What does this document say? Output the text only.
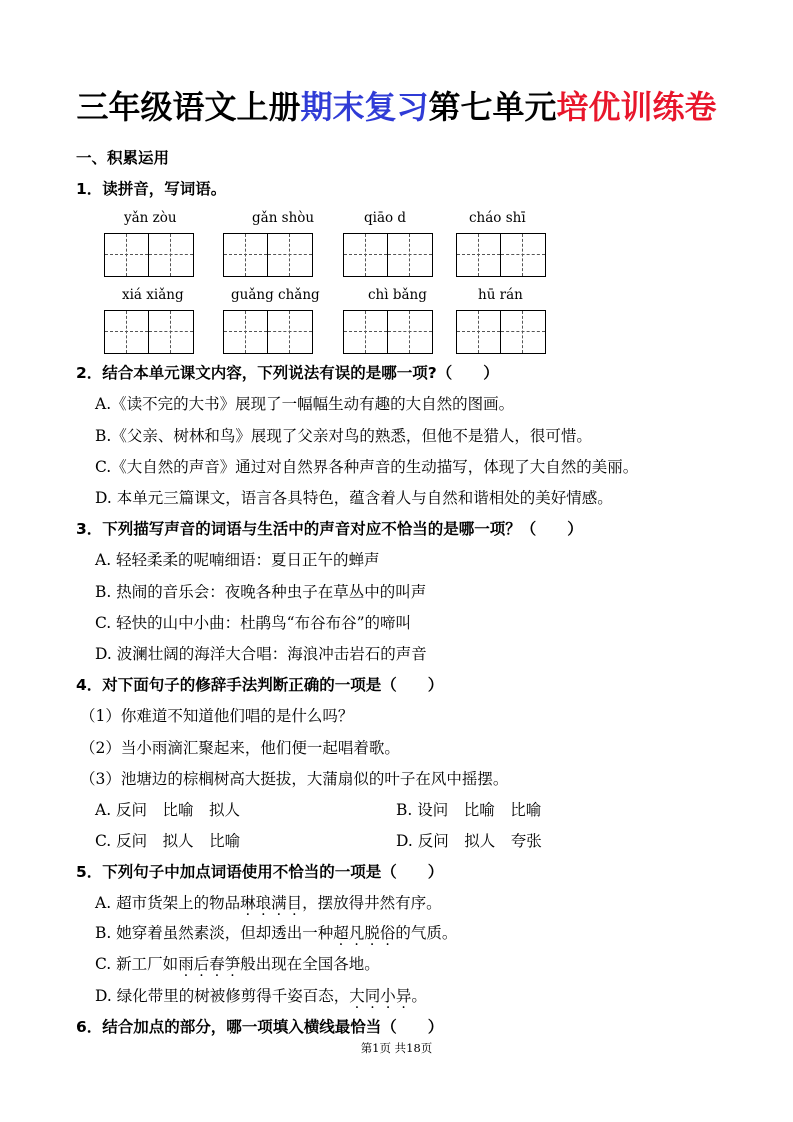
三年级语文上册期末复习第七单元培优训练卷
一、积累运用
1．读拼音，写词语。
yǎn zòu	gǎn shòu	qiāo d	cháo shī
xiá xiǎng	guǎng chǎng	chì bǎng	hū rán
2．结合本单元课文内容，下列说法有误的是哪一项?（　　）
A.《读不完的大书》展现了一幅幅生动有趣的大自然的图画。
B.《父亲、树林和鸟》展现了父亲对鸟的熟悉，但他不是猎人，很可惜。
C.《大自然的声音》通过对自然界各种声音的生动描写，体现了大自然的美丽。
D. 本单元三篇课文，语言各具特色，蕴含着人与自然和谐相处的美好情感。
3．下列描写声音的词语与生活中的声音对应不恰当的是哪一项？（　　）
A. 轻轻柔柔的呢喃细语：夏日正午的蝉声
B. 热闹的音乐会：夜晚各种虫子在草丛中的叫声
C. 轻快的山中小曲：杜鹃鸟“布谷布谷”的啼叫
D. 波澜壮阔的海洋大合唱：海浪冲击岩石的声音
4．对下面句子的修辞手法判断正确的一项是（　　）
（1）你难道不知道他们唱的是什么吗？
（2）当小雨滴汇聚起来，他们便一起唱着歌。
（3）池塘边的棕榈树高大挺拔，大蒲扇似的叶子在风中摇摆。
A. 反问　比喻　拟人	B. 设问　比喻　比喻
C. 反问　拟人　比喻	D. 反问　拟人　夸张
5．下列句子中加点词语使用不恰当的一项是（　　）
A. 超市货架上的物品琳琅满目，摆放得井然有序。
B. 她穿着虽然素淡，但却透出一种超凡脱俗的气质。
C. 新工厂如雨后春笋般出现在全国各地。
D. 绿化带里的树被修剪得千姿百态，大同小异。
6．结合加点的部分，哪一项填入横线最恰当（　　）
第1页 共18页
